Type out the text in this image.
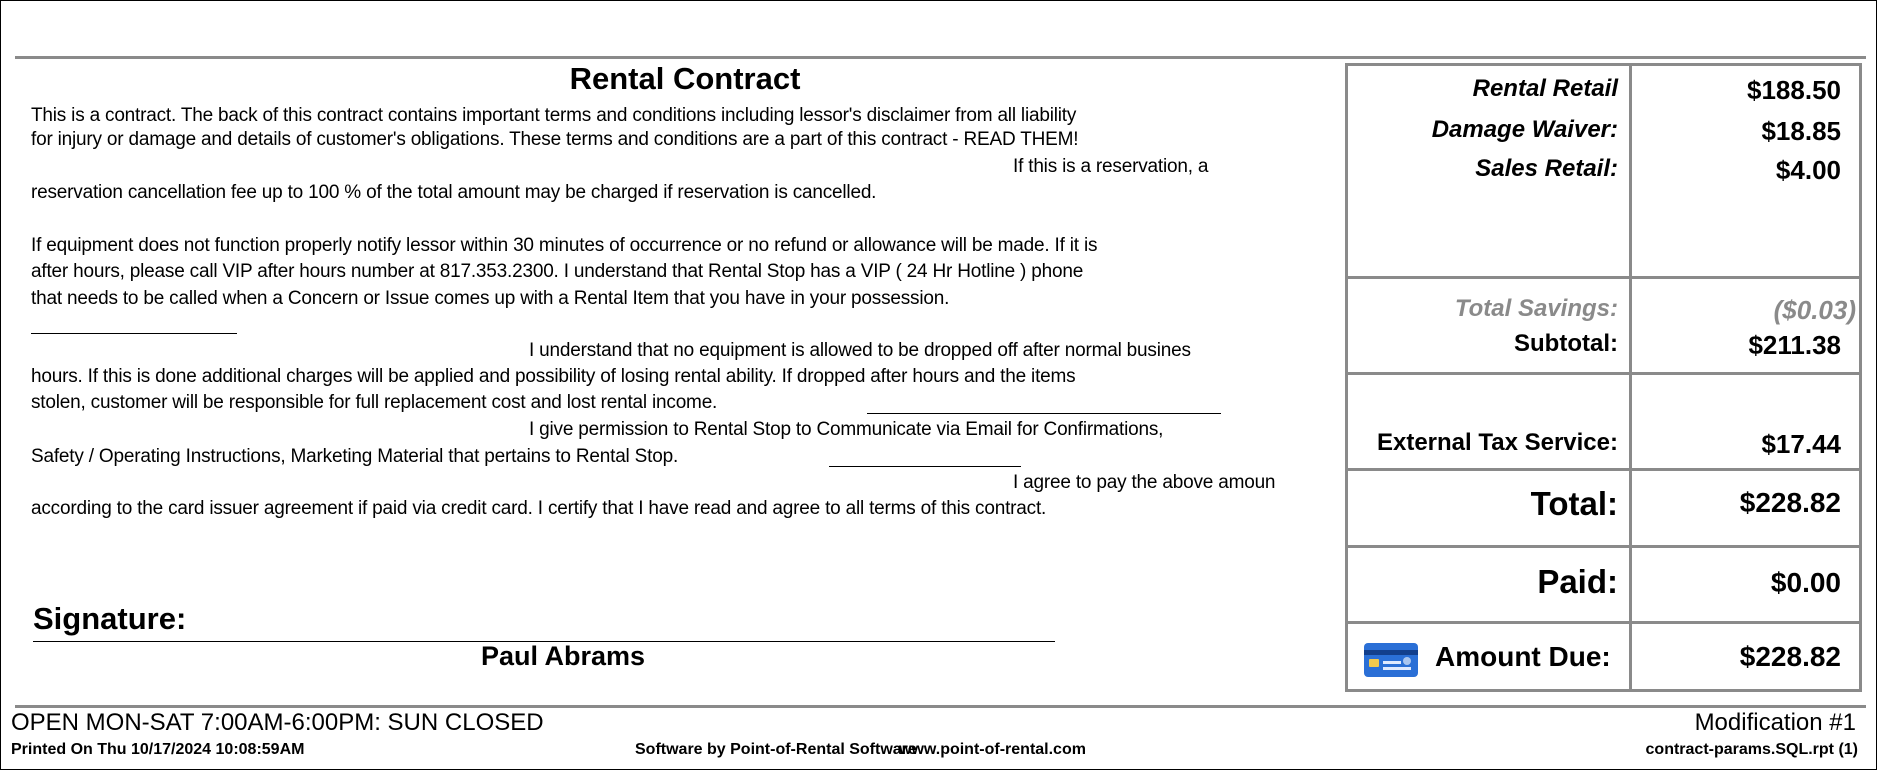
Rental Contract
This is a contract. The back of this contract contains important terms and conditions including lessor's disclaimer from all liability
for injury or damage and details of customer's obligations. These terms and conditions are a part of this contract - READ THEM!
If this is a reservation, a
reservation cancellation fee up to 100 % of the total amount may be charged if reservation is cancelled.
If equipment does not function properly notify lessor within 30 minutes of occurrence or no refund or allowance will be made. If it is
after hours, please call VIP after hours number at 817.353.2300. I understand that Rental Stop has a VIP ( 24 Hr Hotline ) phone
that needs to be called when a Concern or Issue comes up with a Rental Item that you have in your possession.
I understand that no equipment is allowed to be dropped off after normal busines
hours. If this is done additional charges will be applied and possibility of losing rental ability. If dropped after hours and the items
stolen, customer will be responsible for full replacement cost and lost rental income.
I give permission to Rental Stop to Communicate via Email for Confirmations,
Safety / Operating Instructions, Marketing Material that pertains to Rental Stop.
I agree to pay the above amoun
according to the card issuer agreement if paid via credit card. I certify that I have read and agree to all terms of this contract.
Signature:
Paul Abrams
Rental Retail	$188.50
Damage Waiver:	$18.85
Sales Retail:	$4.00
Total Savings:	($0.03)
Subtotal:	$211.38
External Tax Service:	$17.44
Total:	$228.82
Paid:	$0.00
Amount Due:	$228.82
OPEN MON-SAT 7:00AM-6:00PM: SUN CLOSED
Printed On Thu 10/17/2024 10:08:59AM	Software by Point-of-Rental Software
www.point-of-rental.com
Modification #1
contract-params.SQL.rpt (1)
